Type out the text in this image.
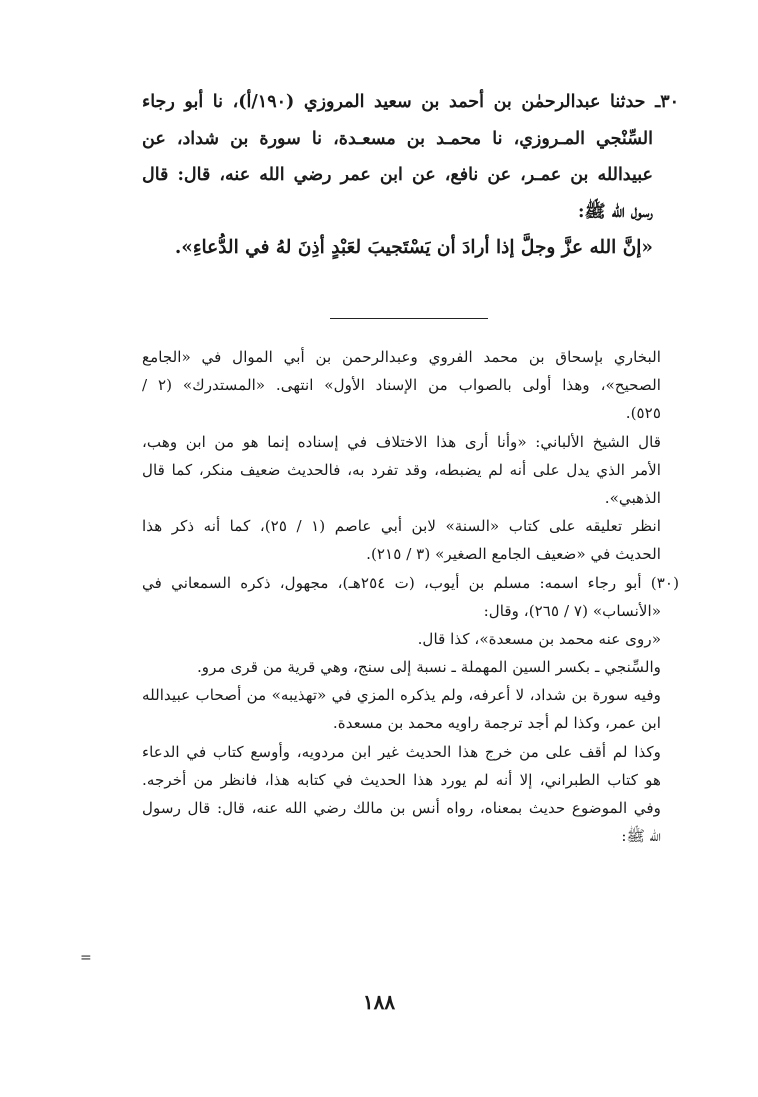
٣٠ـ حدثنا عبدالرحمٰن بن أحمد بن سعيد المروزي (١٩٠/أ)، نا أبو رجاء
السِّنْجي المـروزي، نا محمـد بن مسعـدة، نا سورة بن شداد، عن
عبيدالله بن عمـر، عن نافع، عن ابن عمر رضي الله عنه، قال: قال
رسول الله ﷺ:
«إنَّ الله عزَّ وجلَّ إذا أرادَ أن يَسْتَجيبَ لعَبْدٍ أذِنَ لهُ في الدُّعاءِ».
البخاري بإسحاق بن محمد الفروي وعبدالرحمن بن أبي الموال في «الجامع
الصحيح»، وهذا أولى بالصواب من الإسناد الأول» انتهى. «المستدرك» (٢ /
٥٢٥).
قال الشيخ الألباني: «وأنا أرى هذا الاختلاف في إسناده إنما هو من ابن وهب،
الأمر الذي يدل على أنه لم يضبطه، وقد تفرد به، فالحديث ضعيف منكر، كما قال
الذهبي».
انظر تعليقه على كتاب «السنة» لابن أبي عاصم (١ / ٢٥)، كما أنه ذكر هذا
الحديث في «ضعيف الجامع الصغير» (٣ / ٢١٥).
(٣٠) أبو رجاء اسمه: مسلم بن أيوب، (ت ٢٥٤هـ)، مجهول، ذكره السمعاني في
«الأنساب» (٧ / ٢٦٥)، وقال:
«روى عنه محمد بن مسعدة»، كذا قال.
والسِّنجي ـ بكسر السين المهملة ـ نسبة إلى سنج، وهي قرية من قرى مرو.
وفيه سورة بن شداد، لا أعرفه، ولم يذكره المزي في «تهذيبه» من أصحاب عبيدالله
ابن عمر، وكذا لم أجد ترجمة راويه محمد بن مسعدة.
وكذا لم أقف على من خرج هذا الحديث غير ابن مردويه، وأوسع كتاب في الدعاء
هو كتاب الطبراني، إلا أنه لم يورد هذا الحديث في كتابه هذا، فانظر من أخرجه.
وفي الموضوع حديث بمعناه، رواه أنس بن مالك رضي الله عنه، قال: قال رسول
الله ﷺ:
١٨٨
=
